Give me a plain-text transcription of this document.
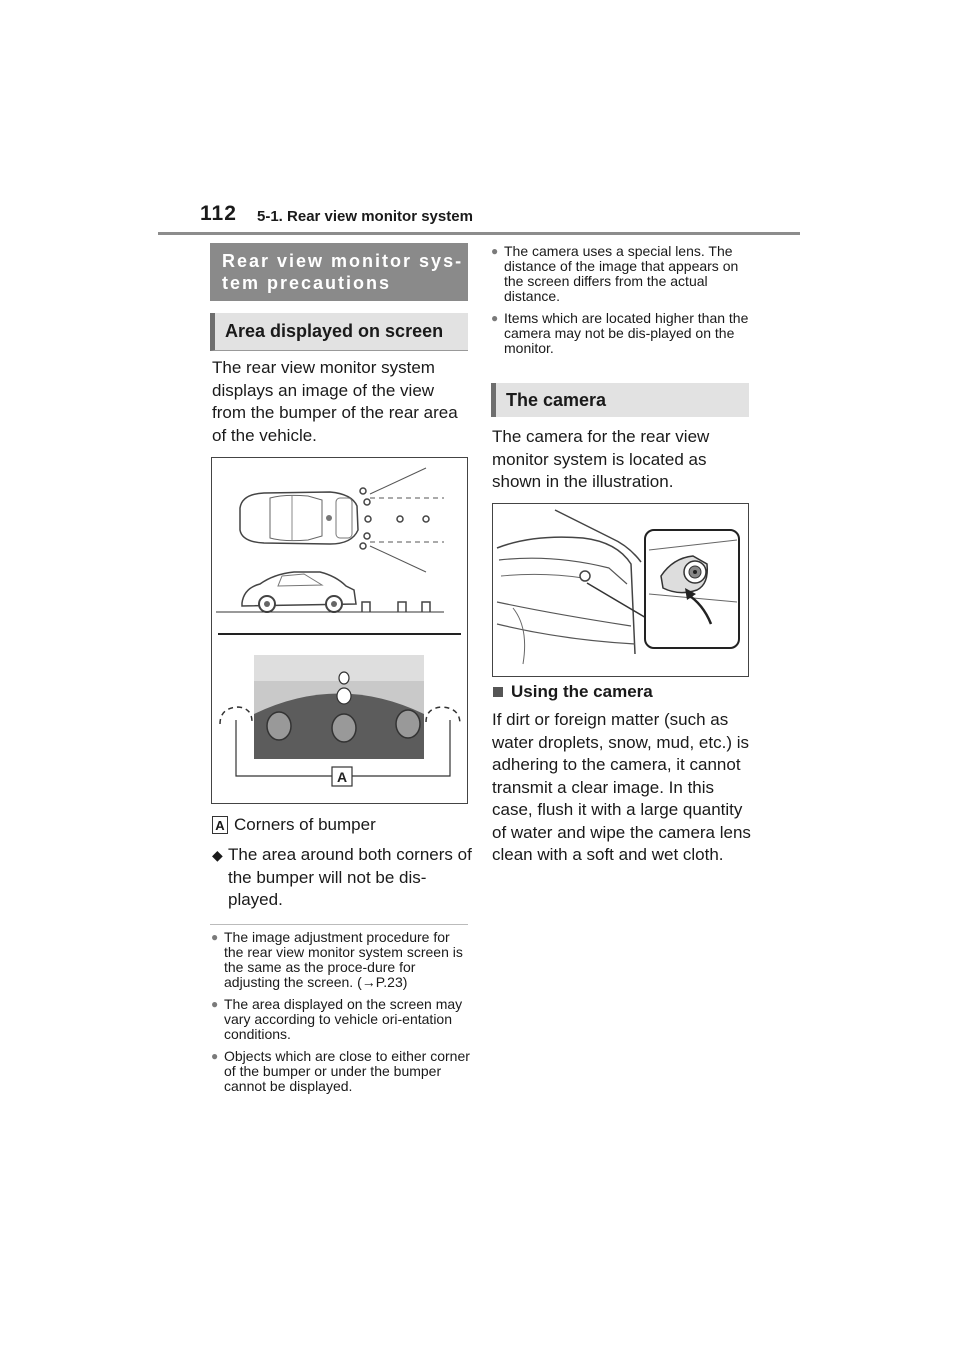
112 5-1. Rear view monitor system
Rear view monitor sys-
tem precautions
Area displayed on screen
The rear view monitor system displays an image of the view from the bumper of the rear area of the vehicle.
A
A Corners of bumper
◆ The area around both corners of the bumper will not be dis-played.
● The image adjustment procedure for the rear view monitor system screen is the same as the proce-dure for adjusting the screen. (→P.23)
● The area displayed on the screen may vary according to vehicle ori-entation conditions.
● Objects which are close to either corner of the bumper or under the bumper cannot be displayed.
● The camera uses a special lens. The distance of the image that appears on the screen differs from the actual distance.
● Items which are located higher than the camera may not be dis-played on the monitor.
The camera
The camera for the rear view monitor system is located as shown in the illustration.
Using the camera
If dirt or foreign matter (such as water droplets, snow, mud, etc.) is adhering to the camera, it cannot transmit a clear image. In this case, flush it with a large quantity of water and wipe the camera lens clean with a soft and wet cloth.
